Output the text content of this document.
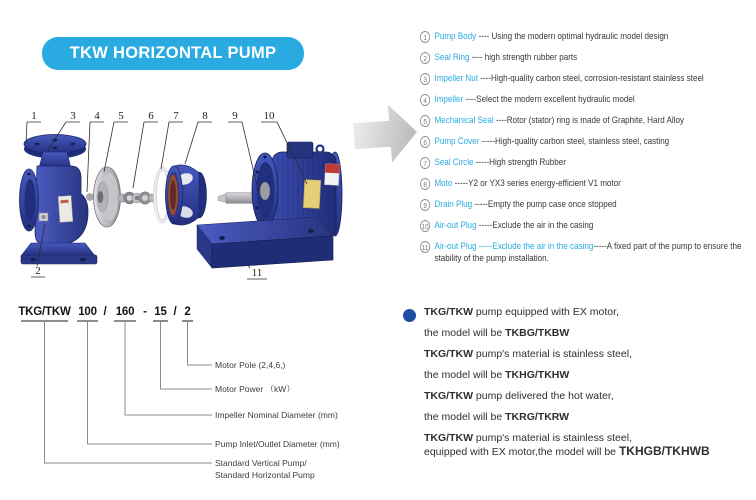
TKW HORIZONTAL PUMP
1	3 4 5 6 7 8 9 10
2	11
1 Pump Body ---- Using the modern optimal hydraulic model design
2 Seal Ring ---- high strength rubber parts
3 Impeller Nut ----High-quality carbon steel, corrosion-resistant stainless steel
4 Impeller ----Select the modern excellent hydraulic model
5 Mechanical Seal ----Rotor (stator) ring is made of Graphite, Hard Alloy
6 Pump Cover -----High-quality carbon steel, stainless steel, casting
7 Seal Circle -----High strength Rubber
8 Moto -----Y2 or YX3 series energy-efficient V1 motor
9 Drain Plug -----Empty the pump case once stopped
10 Air-out Plug -----Exclude the air in the casing
11 Air-out Plug -----Exclude the air in the casing-----A fixed part of the pump to ensure the stability of the pump installation.
TKG/TKW pump equipped with EX motor,
the model will be TKBG/TKBW
TKG/TKW pump's material is stainless steel,
the model will be TKHG/TKHW
TKG/TKW pump delivered the hot water,
the model will be TKRG/TKRW
TKG/TKW pump's material is stainless steel,
equipped with EX motor,the model will be TKHGB/TKHWB
TKG/TKW 100 / 160 - 15 / 2
Motor Pole (2,4,6,)
Motor Power （kW）
Impeller Nominal Diameter (mm)
Pump Inlet/Outlet Diameter (mm)
Standard Vertical Pump/
Standard Horizontal Pump
